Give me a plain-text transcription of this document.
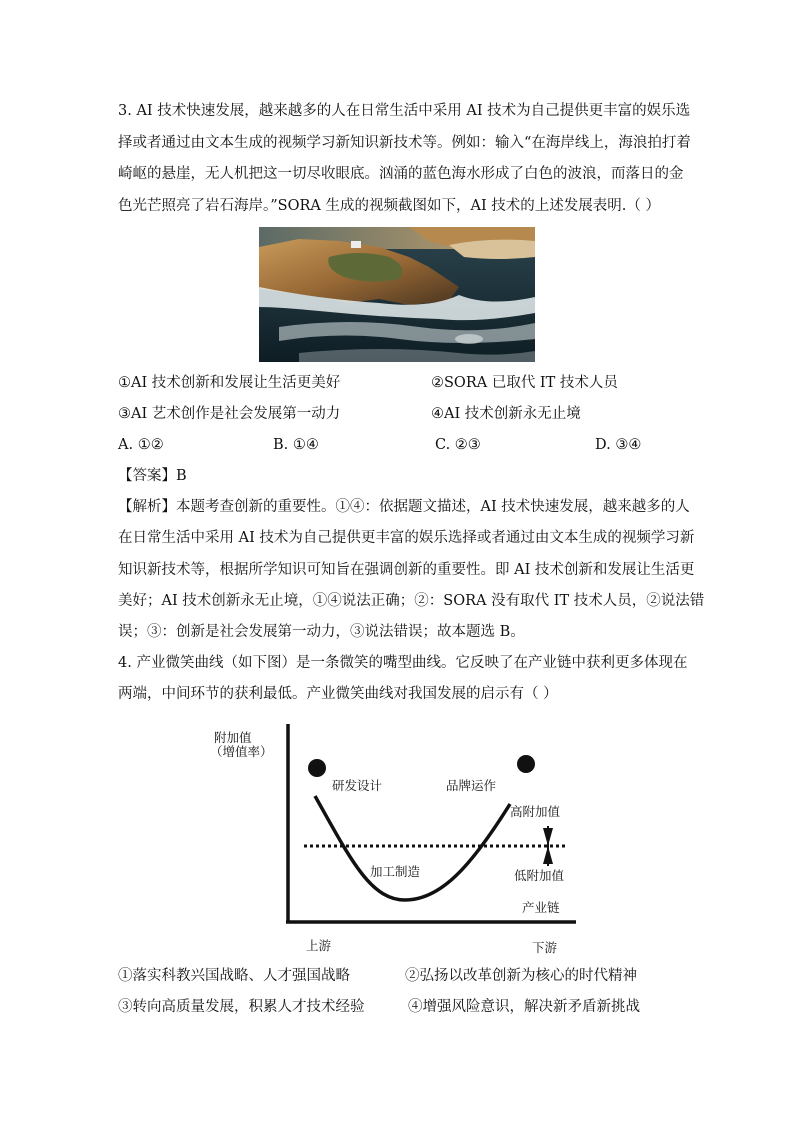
3. AI 技术快速发展，越来越多的人在日常生活中采用 AI 技术为自己提供更丰富的娱乐选
择或者通过由文本生成的视频学习新知识新技术等。例如：输入“在海岸线上，海浪拍打着
崎岖的悬崖，无人机把这一切尽收眼底。汹涌的蓝色海水形成了白色的波浪，而落日的金
色光芒照亮了岩石海岸。”SORA 生成的视频截图如下，AI 技术的上述发展表明.（ ）
①AI 技术创新和发展让生活更美好	②SORA 已取代 IT 技术人员
③AI 艺术创作是社会发展第一动力	④AI 技术创新永无止境
A. ①②	B. ①④	C. ②③	D. ③④
【答案】B
【解析】本题考查创新的重要性。①④：依据题文描述，AI 技术快速发展，越来越多的人
在日常生活中采用 AI 技术为自己提供更丰富的娱乐选择或者通过由文本生成的视频学习新
知识新技术等，根据所学知识可知旨在强调创新的重要性。即 AI 技术创新和发展让生活更
美好；AI 技术创新永无止境，①④说法正确；②：SORA 没有取代 IT 技术人员，②说法错
误；③：创新是社会发展第一动力，③说法错误；故本题选 B。
4. 产业微笑曲线（如下图）是一条微笑的嘴型曲线。它反映了在产业链中获利更多体现在
两端，中间环节的获利最低。产业微笑曲线对我国发展的启示有（ ）
附加值
（增值率）
研发设计	品牌运作
高附加值
加工制造	低附加值
产业链
上游	下游
①落实科教兴国战略、人才强国战略	②弘扬以改革创新为核心的时代精神
③转向高质量发展，积累人才技术经验	④增强风险意识，解决新矛盾新挑战
